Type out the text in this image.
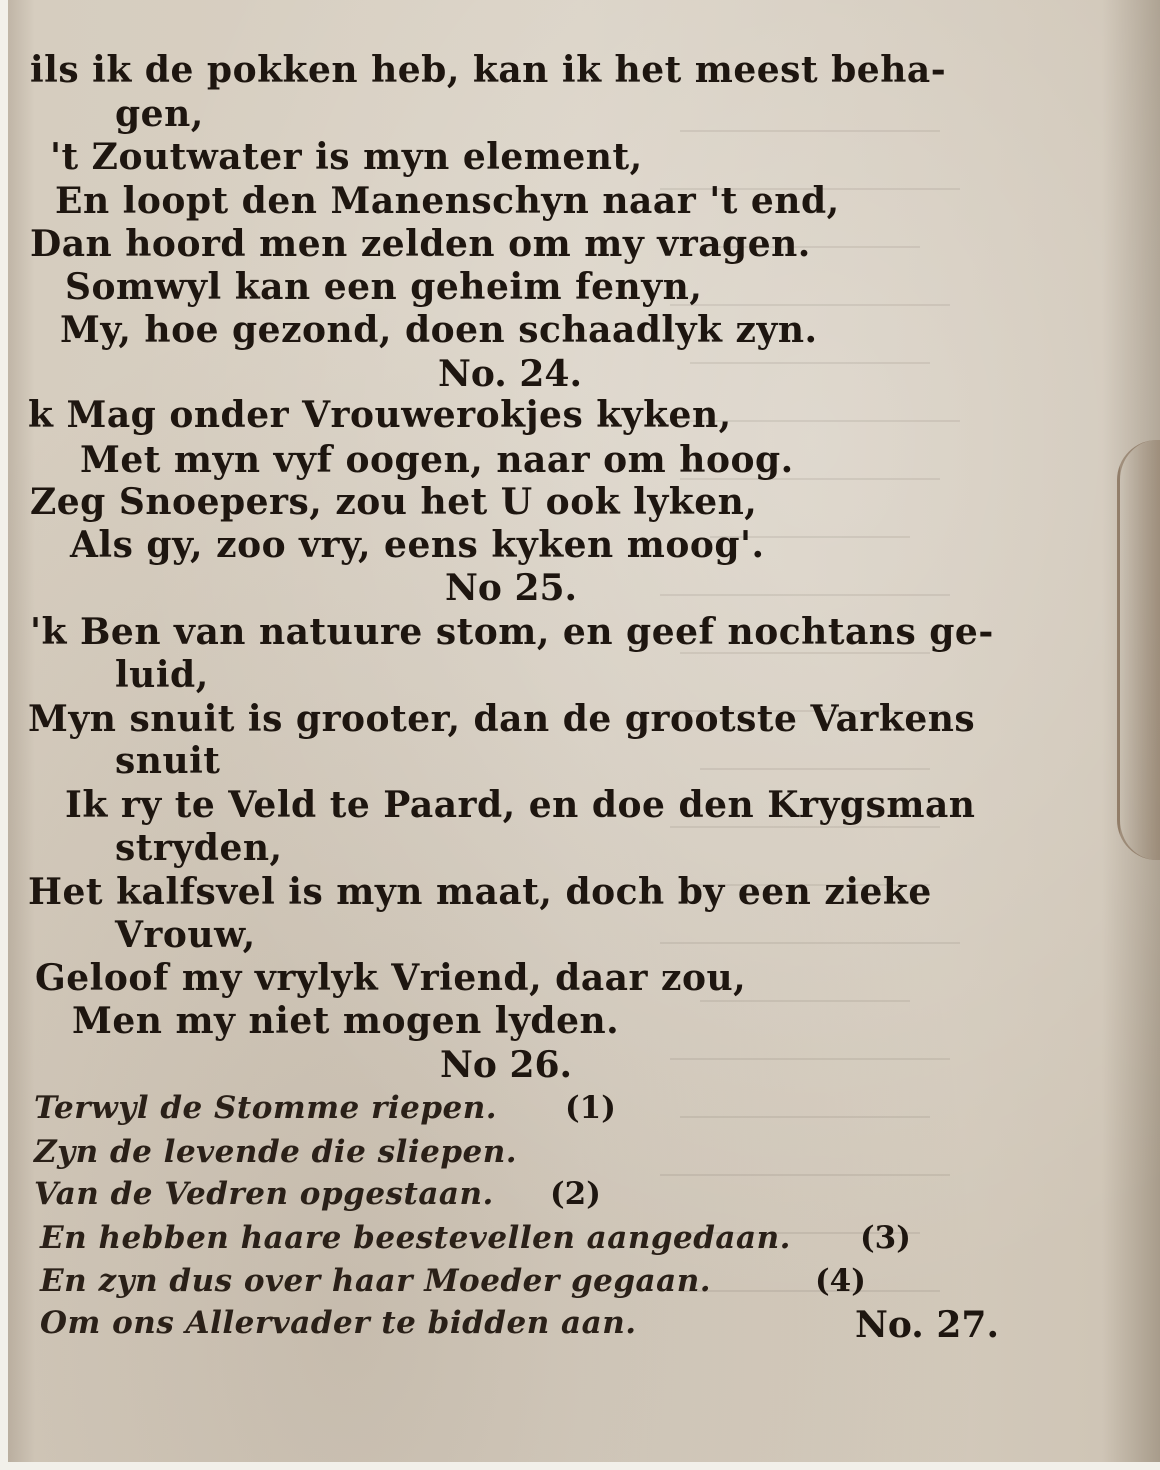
ils ik de pokken heb, kan ik het meest beha-

gen,

't Zoutwater is myn element,

En loopt den Manenschyn naar 't end,

Dan hoord men zelden om my vragen.

Somwyl kan een geheim fenyn,

My, hoe gezond, doen schaadlyk zyn.

No. 24.

k Mag onder Vrouwerokjes kyken,

Met myn vyf oogen, naar om hoog.

Zeg Snoepers, zou het U ook lyken,

Als gy, zoo vry, eens kyken moog'.

No 25.

'k Ben van natuure stom, en geef nochtans ge-

luid,

Myn snuit is grooter, dan de grootste Varkens

snuit

Ik ry te Veld te Paard, en doe den Krygsman

stryden,

Het kalfsvel is myn maat, doch by een zieke

Vrouw,

Geloof my vrylyk Vriend, daar zou,

Men my niet mogen lyden.

No 26.

Terwyl de Stomme riepen. (1)

Zyn de levende die sliepen.

Van de Vedren opgestaan. (2)

En hebben haare beestevellen aangedaan. (3)

En zyn dus over haar Moeder gegaan.	(4)

Om ons Allervader te bidden aan.	No. 27.
